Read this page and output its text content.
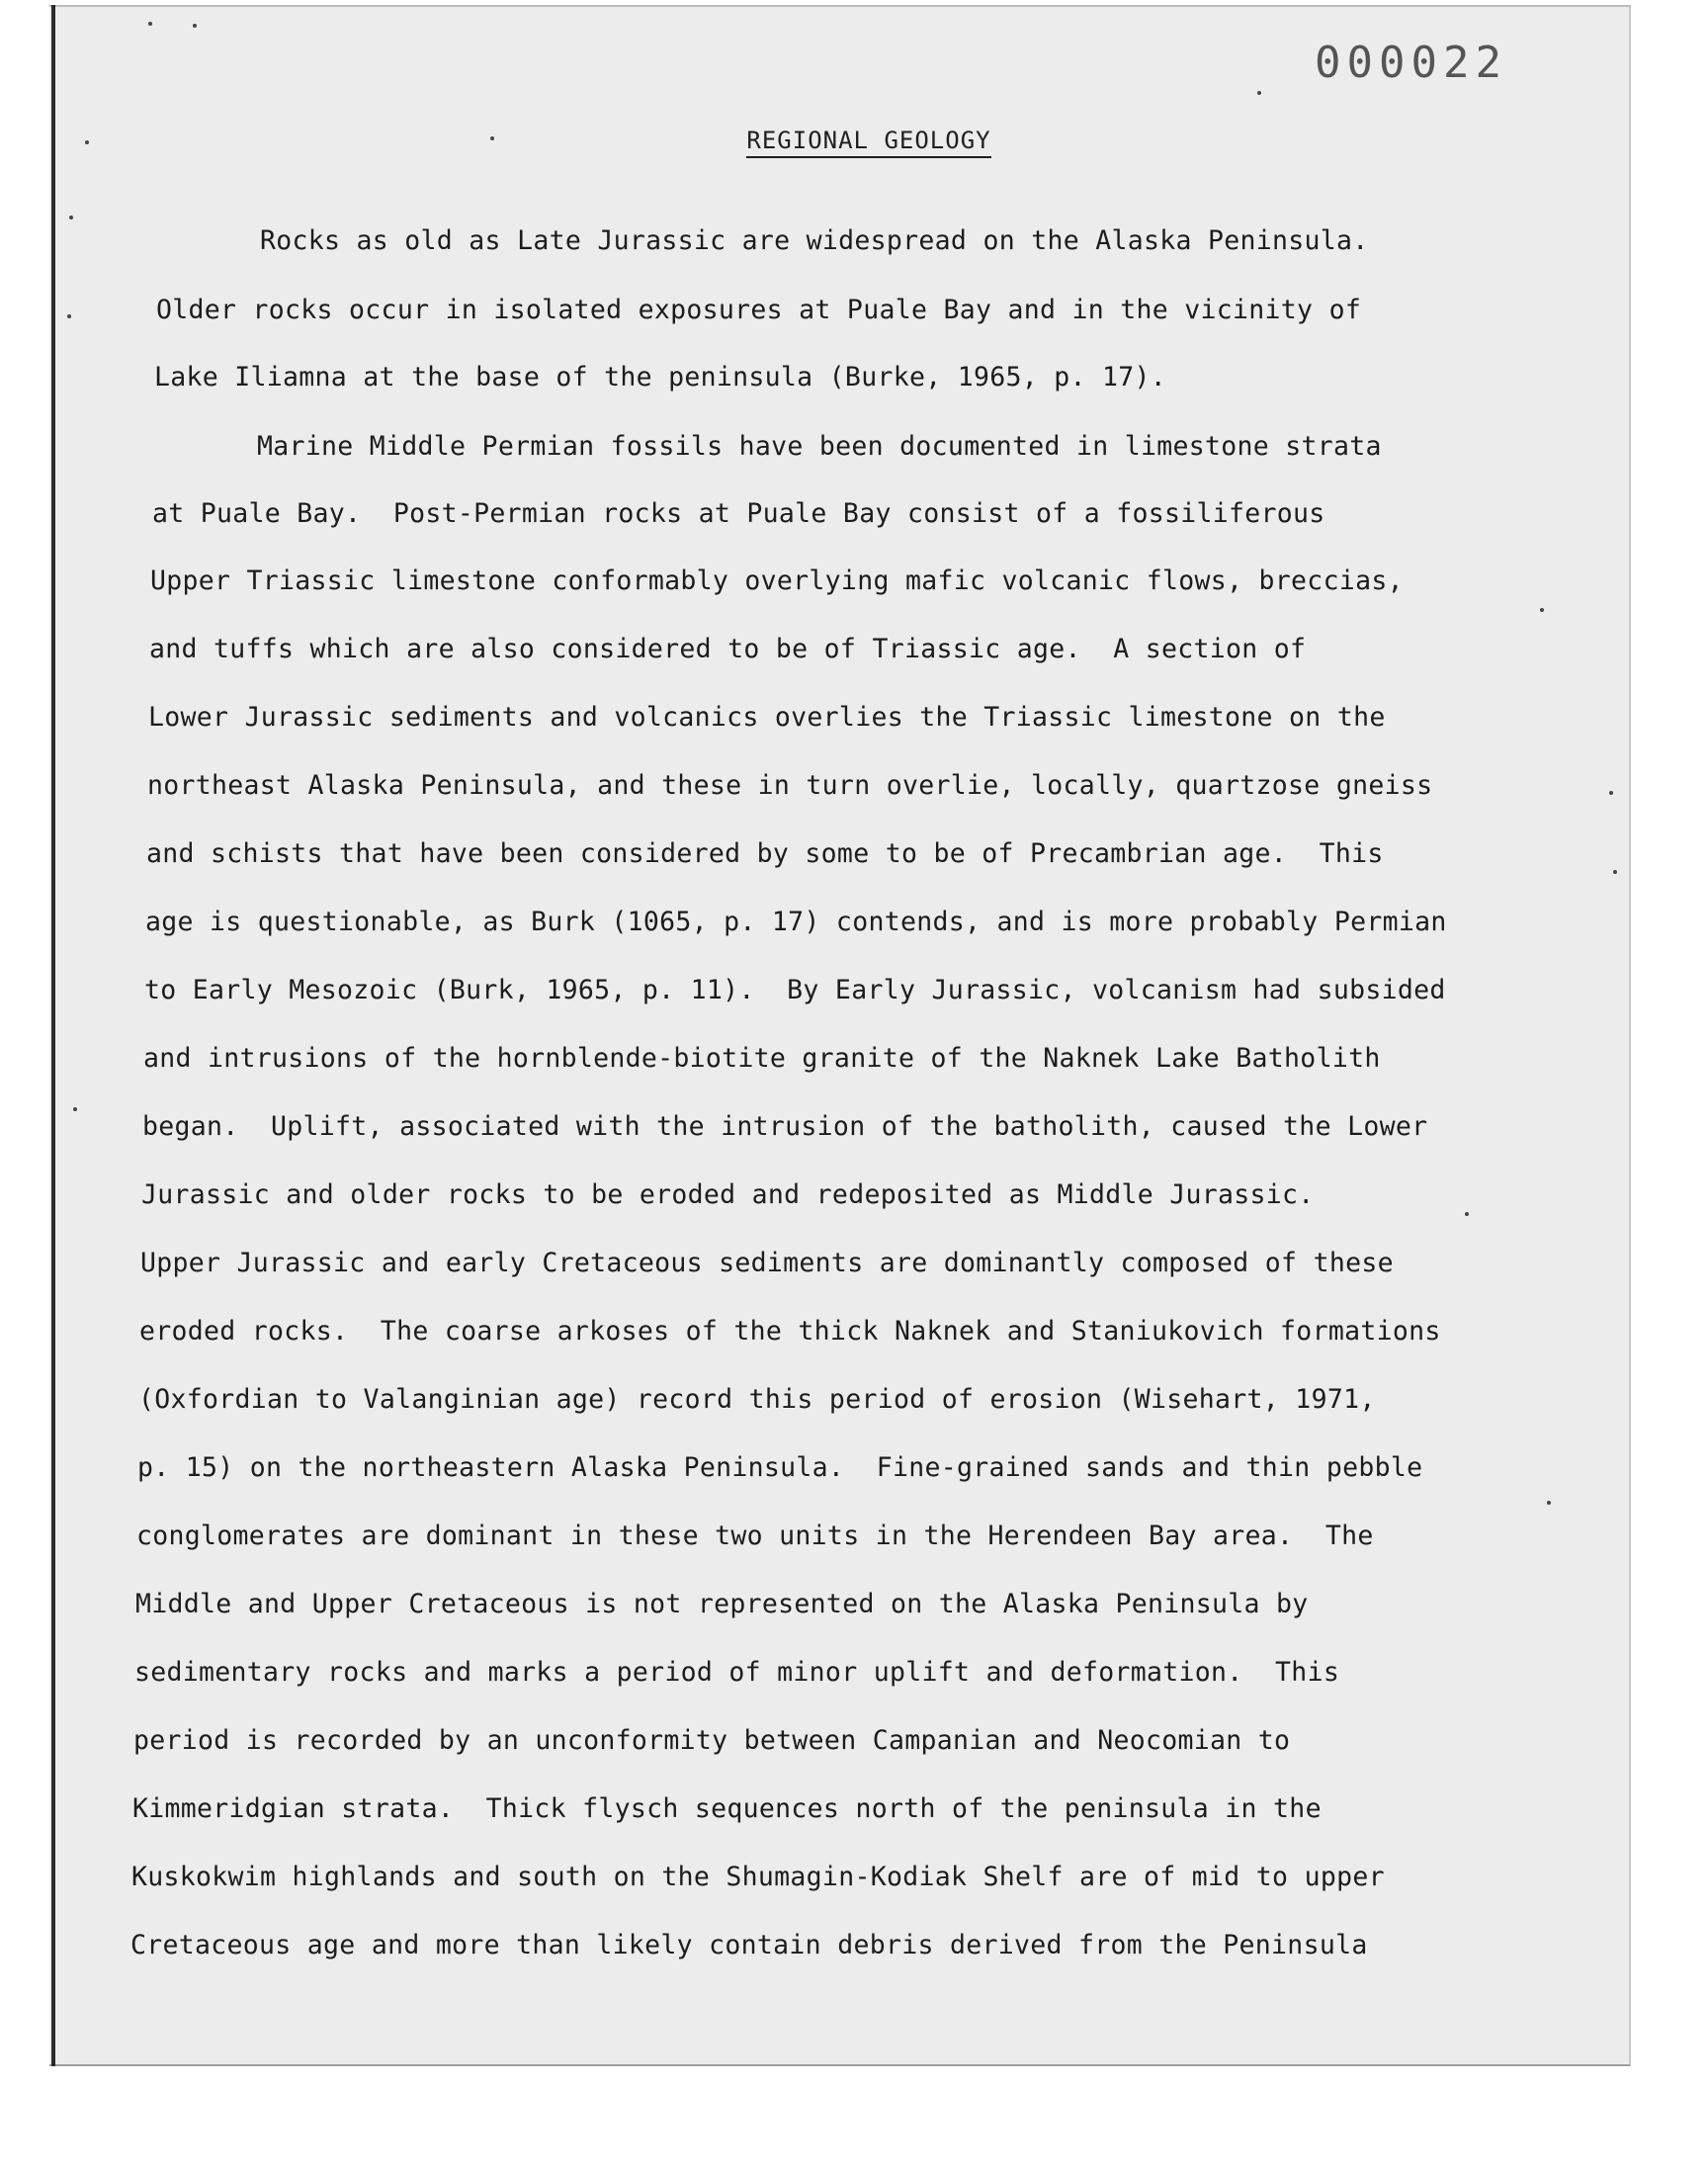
000022
REGIONAL GEOLOGY
Rocks as old as Late Jurassic are widespread on the Alaska Peninsula.
Older rocks occur in isolated exposures at Puale Bay and in the vicinity of
Lake Iliamna at the base of the peninsula (Burke, 1965, p. 17).
Marine Middle Permian fossils have been documented in limestone strata
at Puale Bay.  Post-Permian rocks at Puale Bay consist of a fossiliferous
Upper Triassic limestone conformably overlying mafic volcanic flows, breccias,
and tuffs which are also considered to be of Triassic age.  A section of
Lower Jurassic sediments and volcanics overlies the Triassic limestone on the
northeast Alaska Peninsula, and these in turn overlie, locally, quartzose gneiss
and schists that have been considered by some to be of Precambrian age.  This
age is questionable, as Burk (1065, p. 17) contends, and is more probably Permian
to Early Mesozoic (Burk, 1965, p. 11).  By Early Jurassic, volcanism had subsided
and intrusions of the hornblende-biotite granite of the Naknek Lake Batholith
began.  Uplift, associated with the intrusion of the batholith, caused the Lower
Jurassic and older rocks to be eroded and redeposited as Middle Jurassic.
Upper Jurassic and early Cretaceous sediments are dominantly composed of these
eroded rocks.  The coarse arkoses of the thick Naknek and Staniukovich formations
(Oxfordian to Valanginian age) record this period of erosion (Wisehart, 1971,
p. 15) on the northeastern Alaska Peninsula.  Fine-grained sands and thin pebble
conglomerates are dominant in these two units in the Herendeen Bay area.  The
Middle and Upper Cretaceous is not represented on the Alaska Peninsula by
sedimentary rocks and marks a period of minor uplift and deformation.  This
period is recorded by an unconformity between Campanian and Neocomian to
Kimmeridgian strata.  Thick flysch sequences north of the peninsula in the
Kuskokwim highlands and south on the Shumagin-Kodiak Shelf are of mid to upper
Cretaceous age and more than likely contain debris derived from the Peninsula
